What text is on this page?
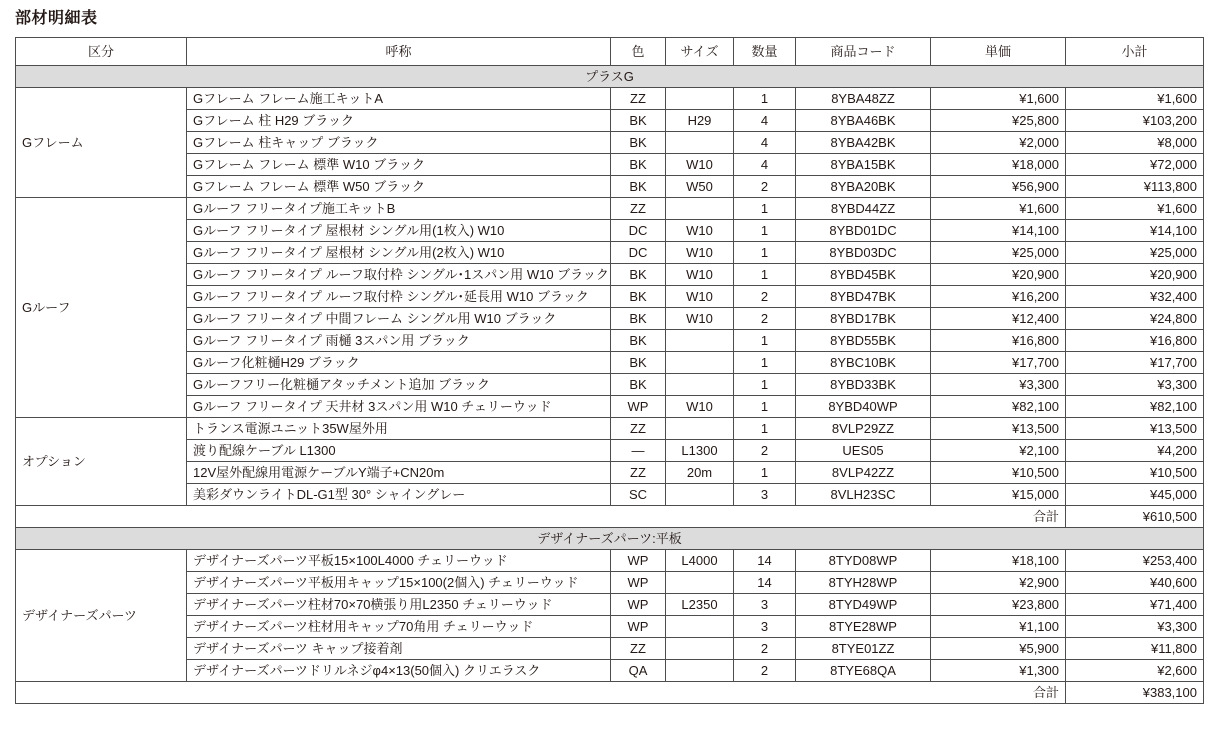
部材明細表
区分	呼称	色	サイズ	数量	商品コード	単価	小計
プラスG							
Gフレーム	Gフレーム フレーム施工キットA	ZZ		1	8YBA48ZZ	¥1,600	¥1,600
	Gフレーム 柱 H29 ブラック	BK	H29	4	8YBA46BK	¥25,800	¥103,200
	Gフレーム 柱キャップ ブラック	BK		4	8YBA42BK	¥2,000	¥8,000
	Gフレーム フレーム 標準 W10 ブラック	BK	W10	4	8YBA15BK	¥18,000	¥72,000
	Gフレーム フレーム 標準 W50 ブラック	BK	W50	2	8YBA20BK	¥56,900	¥113,800
Gルーフ	Gルーフ フリータイプ施工キットB	ZZ		1	8YBD44ZZ	¥1,600	¥1,600
	Gルーフ フリータイプ 屋根材 シングル用(1枚入) W10	DC	W10	1	8YBD01DC	¥14,100	¥14,100
	Gルーフ フリータイプ 屋根材 シングル用(2枚入) W10	DC	W10	1	8YBD03DC	¥25,000	¥25,000
	Gルーフ フリータイプ ルーフ取付枠 シングル･1スパン用 W10 ブラック	BK	W10	1	8YBD45BK	¥20,900	¥20,900
	Gルーフ フリータイプ ルーフ取付枠 シングル･延長用 W10 ブラック	BK	W10	2	8YBD47BK	¥16,200	¥32,400
	Gルーフ フリータイプ 中間フレーム シングル用 W10 ブラック	BK	W10	2	8YBD17BK	¥12,400	¥24,800
	Gルーフ フリータイプ 雨樋 3スパン用 ブラック	BK		1	8YBD55BK	¥16,800	¥16,800
	Gルーフ化粧樋H29 ブラック	BK		1	8YBC10BK	¥17,700	¥17,700
	Gルーフフリー化粧樋アタッチメント追加 ブラック	BK		1	8YBD33BK	¥3,300	¥3,300
	Gルーフ フリータイプ 天井材 3スパン用 W10 チェリーウッド	WP	W10	1	8YBD40WP	¥82,100	¥82,100
オプション	トランス電源ユニット35W屋外用	ZZ		1	8VLP29ZZ	¥13,500	¥13,500
	渡り配線ケーブル L1300	—	L1300	2	UES05	¥2,100	¥4,200
	12V屋外配線用電源ケーブルY端子+CN20m	ZZ	20m	1	8VLP42ZZ	¥10,500	¥10,500
	美彩ダウンライトDL-G1型 30° シャイングレー	SC		3	8VLH23SC	¥15,000	¥45,000
合計							¥610,500
デザイナーズパーツ:平板							
デザイナーズパーツ	デザイナーズパーツ平板15×100L4000 チェリーウッド	WP	L4000	14	8TYD08WP	¥18,100	¥253,400
	デザイナーズパーツ平板用キャップ15×100(2個入) チェリーウッド	WP		14	8TYH28WP	¥2,900	¥40,600
	デザイナーズパーツ柱材70×70横張り用L2350 チェリーウッド	WP	L2350	3	8TYD49WP	¥23,800	¥71,400
	デザイナーズパーツ柱材用キャップ70角用 チェリーウッド	WP		3	8TYE28WP	¥1,100	¥3,300
	デザイナーズパーツ キャップ接着剤	ZZ		2	8TYE01ZZ	¥5,900	¥11,800
	デザイナーズパーツドリルネジφ4×13(50個入) クリエラスク	QA		2	8TYE68QA	¥1,300	¥2,600
合計							¥383,100
